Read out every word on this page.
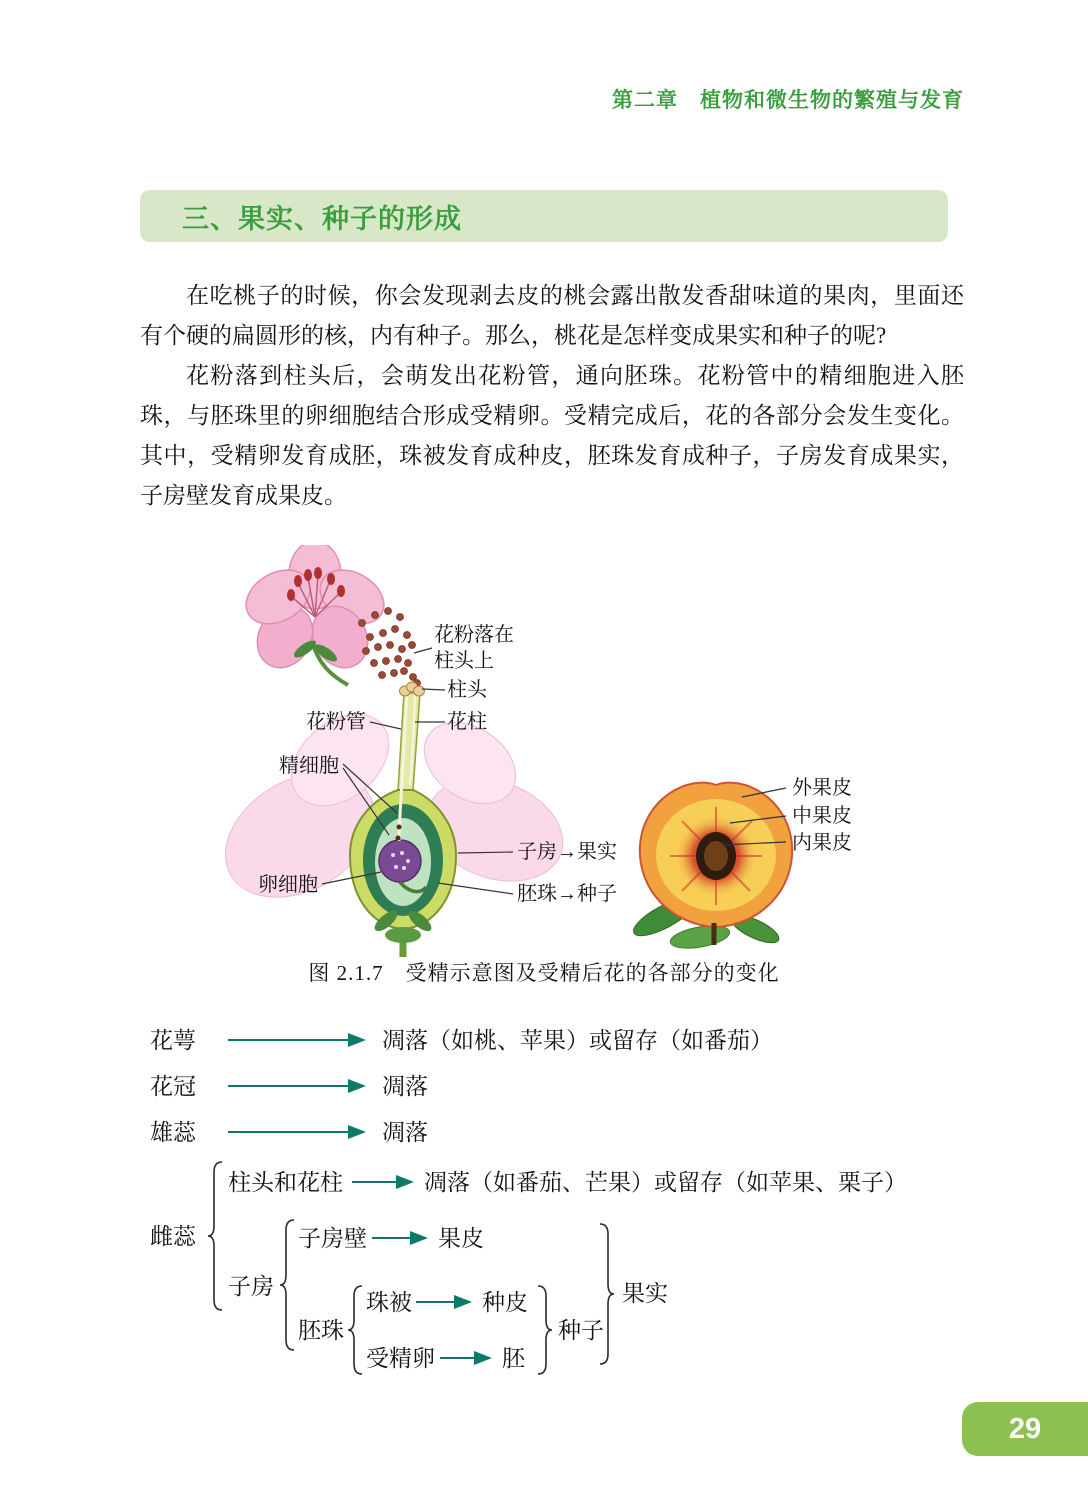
第二章　植物和微生物的繁殖与发育
三、果实、种子的形成

在吃桃子的时候，你会发现剥去皮的桃会露出散发香甜味道的果肉，里面还有个硬的扁圆形的核，内有种子。那么，桃花是怎样变成果实和种子的呢?

花粉落到柱头后，会萌发出花粉管，通向胚珠。花粉管中的精细胞进入胚珠，与胚珠里的卵细胞结合形成受精卵。受精完成后，花的各部分会发生变化。其中，受精卵发育成胚，珠被发育成种皮，胚珠发育成种子，子房发育成果实，子房壁发育成果皮。

花粉落在
柱头上
柱头
花粉管	花柱
精细胞
卵细胞
子房→果实
胚珠→种子
外果皮
中果皮
内果皮
图 2.1.7　受精示意图及受精后花的各部分的变化
花萼	凋落（如桃、苹果）或留存（如番茄）
花冠	凋落
雄蕊	凋落
柱头和花柱	凋落（如番茄、芒果）或留存（如苹果、栗子）
雌蕊
子房
子房壁	果皮
胚珠
珠被	种皮
受精卵	胚
种子
果实
29
